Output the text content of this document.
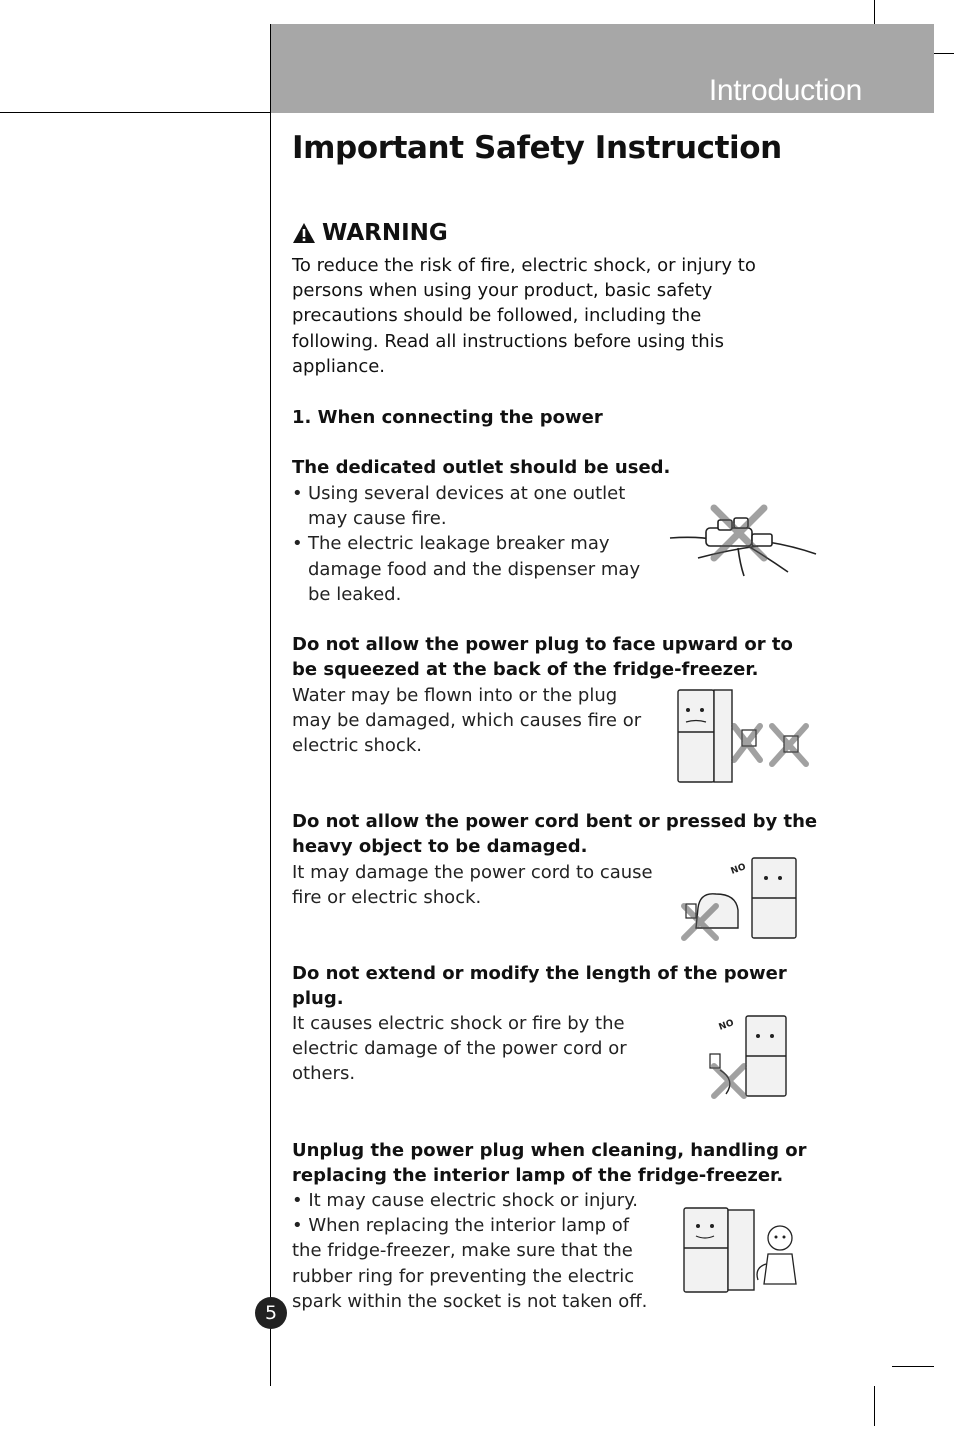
Introduction
Important Safety Instruction
WARNING

To reduce the risk of fire, electric shock, or injury to persons when using your product, basic safety precautions should be followed, including the following. Read all instructions before using this appliance.

1. When connecting the power

The dedicated outlet should be used.

• Using several devices at one outlet may cause fire.
• The electric leakage breaker may damage food and the dispenser may be leaked.

Do not allow the power plug to face upward or to be squeezed at the back of the fridge-freezer.

Water may be flown into or the plug may be damaged, which causes fire or electric shock.

Do not allow the power cord bent or pressed by the heavy object to be damaged.

It may damage the power cord to cause fire or electric shock.

NO

Do not extend or modify the length of the power plug.

It causes electric shock or fire by the electric damage of the power cord or others.

NO

Unplug the power plug when cleaning, handling or replacing the interior lamp of the fridge-freezer.

• It may cause electric shock or injury.
• When replacing the interior lamp of the fridge-freezer, make sure that the rubber ring for preventing the electric spark within the socket is not taken off.
5
